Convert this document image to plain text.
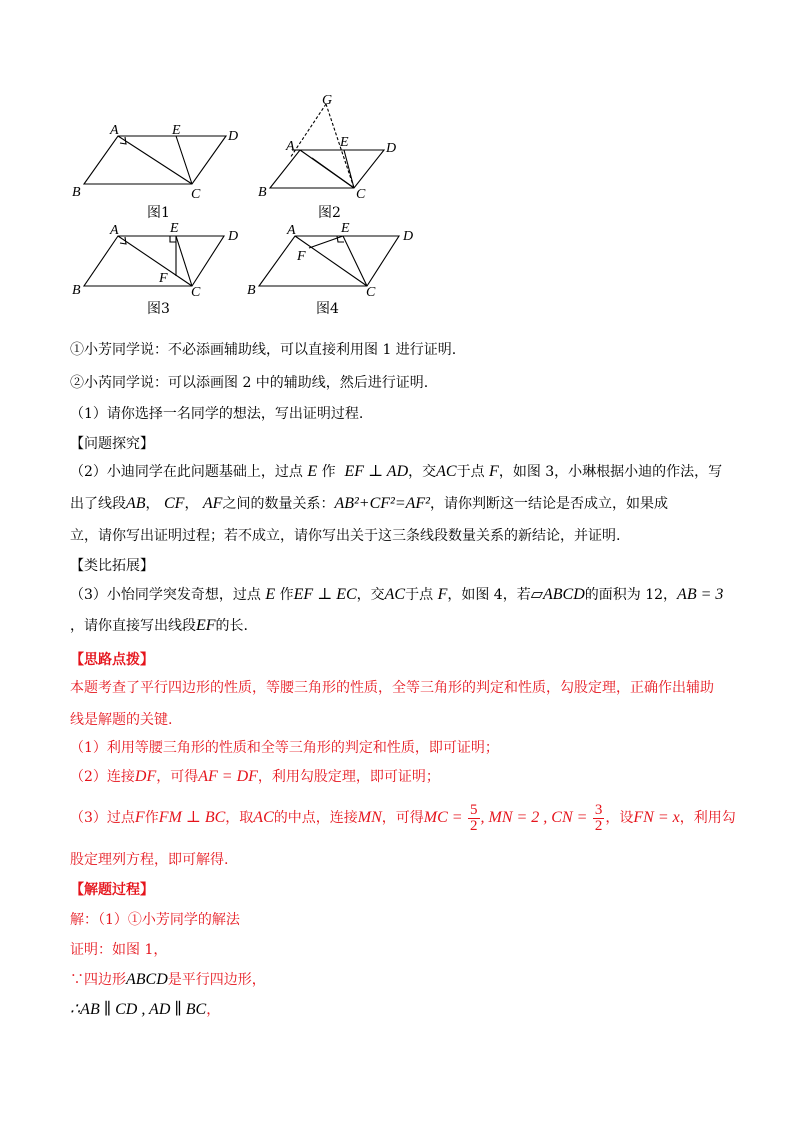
A	E	D
B	C
图1
G
A	E	D
B	C
图2
A	E
D
B
F
C
图3
A	E
D
B
F
C
图4
①小芳同学说：不必添画辅助线，可以直接利用图 1 进行证明.
②小芮同学说：可以添画图 2 中的辅助线，然后进行证明.
（1）请你选择一名同学的想法，写出证明过程.
【问题探究】
（2）小迪同学在此问题基础上，过点 E 作 EF ⊥ AD，交AC于点 F，如图 3，小琳根据小迪的作法，写
出了线段AB， CF， AF之间的数量关系：AB²+CF²=AF²，请你判断这一结论是否成立，如果成
立，请你写出证明过程；若不成立，请你写出关于这三条线段数量关系的新结论，并证明.
【类比拓展】
（3）小怡同学突发奇想，过点 E 作EF ⊥ EC，交AC于点 F，如图 4，若▱ABCD的面积为 12，AB = 3
，请你直接写出线段EF的长.
【思路点拨】
本题考查了平行四边形的性质，等腰三角形的性质，全等三角形的判定和性质，勾股定理，正确作出辅助
线是解题的关键.
（1）利用等腰三角形的性质和全等三角形的判定和性质，即可证明；
（2）连接DF，可得AF = DF，利用勾股定理，即可证明；
（3）过点F作FM ⊥ BC，取AC的中点，连接MN，可得MC = $\frac{5}{2}$ , MN = 2 , CN = $\frac{3}{2}$ ，设FN = x，利用勾
股定理列方程，即可解得.
【解题过程】
解：（1）①小芳同学的解法
证明：如图 1，
∵四边形ABCD是平行四边形，
∴AB ∥ CD , AD ∥ BC，
